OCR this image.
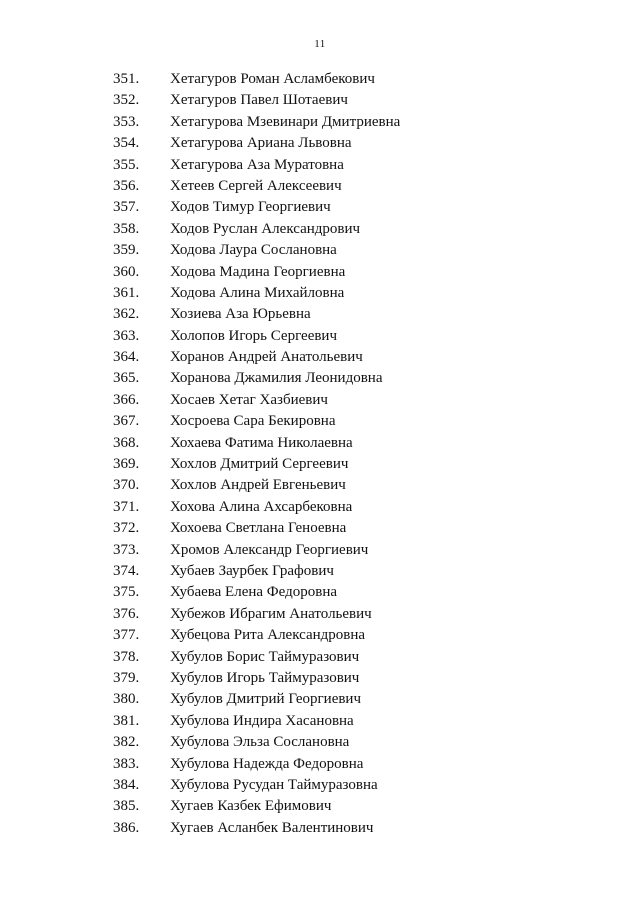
11
351.	Хетагуров Роман Асламбекович
352.	Хетагуров Павел Шотаевич
353.	Хетагурова Мзевинари Дмитриевна
354.	Хетагурова Ариана Львовна
355.	Хетагурова Аза Муратовна
356.	Хетеев Сергей Алексеевич
357.	Ходов Тимур Георгиевич
358.	Ходов Руслан Александрович
359.	Ходова Лаура Сослановна
360.	Ходова Мадина Георгиевна
361.	Ходова Алина Михайловна
362.	Хозиева Аза Юрьевна
363.	Холопов Игорь Сергеевич
364.	Хоранов Андрей Анатольевич
365.	Хоранова Джамилия Леонидовна
366.	Хосаев Хетаг Хазбиевич
367.	Хосроева Сара Бекировна
368.	Хохаева Фатима Николаевна
369.	Хохлов Дмитрий Сергеевич
370.	Хохлов Андрей Евгеньевич
371.	Хохова Алина Ахсарбековна
372.	Хохоева Светлана Геноевна
373.	Хромов Александр Георгиевич
374.	Хубаев Заурбек Графович
375.	Хубаева Елена Федоровна
376.	Хубежов Ибрагим Анатольевич
377.	Хубецова Рита Александровна
378.	Хубулов Борис Таймуразович
379.	Хубулов Игорь Таймуразович
380.	Хубулов Дмитрий Георгиевич
381.	Хубулова Индира Хасановна
382.	Хубулова Эльза Сослановна
383.	Хубулова Надежда Федоровна
384.	Хубулова Русудан Таймуразовна
385.	Хугаев Казбек Ефимович
386.	Хугаев Асланбек Валентинович
